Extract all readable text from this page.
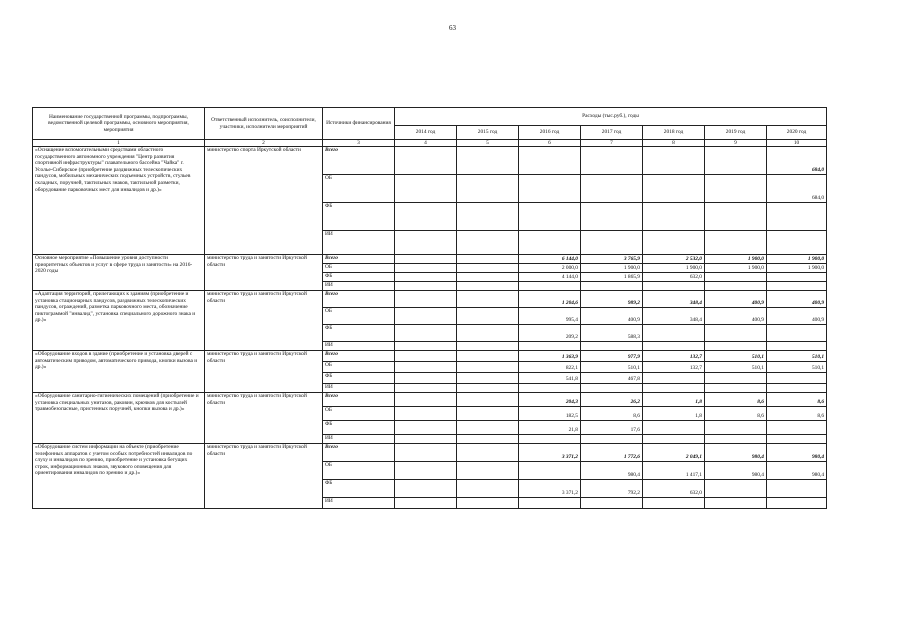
63
Наименование государственной программы, подпрограммы, ведомственной целевой программы, основного мероприятия, мероприятия	Ответственный исполнитель, соисполнители, участники, исполнители мероприятий	Источники финансирования	Расходы (тыс.руб.), годы						
			2014 год	2015 год	2016 год	2017 год	2018 год	2019 год	2020 год
1	2	3	4	5	6	7	8	9	10
«Оснащение вспомогательными средствами областного государственного автономного учреждения "Центр развития спортивной инфраструктуры" плавательного бассейна "Чайка" г. Усолье-Сибирское (приобретение раздвижных телескопических пандусов, мобильных механических подъемных устройств, стульев складных, поручней, тактильных знаков, тактильной разметки, оборудование парковочных мест для инвалидов и др.)»	министерство спорта Иркутской области	Всего							684,0
		ОБ							684,0
		ФБ							
		ИИ							
Основное мероприятие «Повышение уровня доступности приоритетных объектов и услуг в сфере труда и занятости» на 2016-2020 годы	министерство труда и занятости Иркутской области	Всего			6 144,0	3 765,9	2 532,0	1 900,0	1 900,0
		ОБ			2 000,0	1 900,0	1 900,0	1 900,0	1 900,0
		ФБ			4 144,0	1 865,9	632,0		
		ИИ							
«Адаптация территорий, прилегающих к зданиям (приобретение и установка стационарных пандусов, раздвижных телескопических пандусов, ограждений, разметка парковочного места, обозначение пиктограммой "инвалид", установка специального дорожного знака и др.)»	министерство труда и занятости Иркутской области	Всего			1 204,6	989,2	348,4	400,9	400,9
		ОБ			995,4	400,9	348,4	400,9	400,9
		ФБ			209,2	588,3			
		ИИ							
«Оборудование входов в здание (приобретение и установка дверей с автоматическим приводом, автоматического привода, кнопки вызова и др.)»	министерство труда и занятости Иркутской области	Всего			1 363,9	977,9	132,7	510,1	510,1
		ОБ			822,1	510,1	132,7	510,1	510,1
		ФБ			541,8	467,8			
		ИИ							
«Оборудование санитарно-гигиенических помещений (приобретение и установка специальных унитазов, раковин, крючков для костылей травмобезопасные, пристенных поручней, кнопки вызова и др.)»	министерство труда и занятости Иркутской области	Всего			204,3	26,2	1,8	8,6	8,6
		ОБ			182,5	8,6	1,8	8,6	8,6
		ФБ			21,8	17,6			
		ИИ							
«Оборудование систем информации на объекте (приобретение телефонных аппаратов с учетом особых потребностей инвалидов по слуху и инвалидов по зрению, приобретение и установка бегущих строк, информационных знаков, звукового оповещения для ориентирования инвалидов по зрению и др.)»	министерство труда и занятости Иркутской области	Всего			3 371,2	1 772,6	2 049,1	980,4	980,4
		ОБ				980,4	1 417,1	980,4	980,4
		ФБ			3 371,2	792,2	632,0		
		ИИ							
